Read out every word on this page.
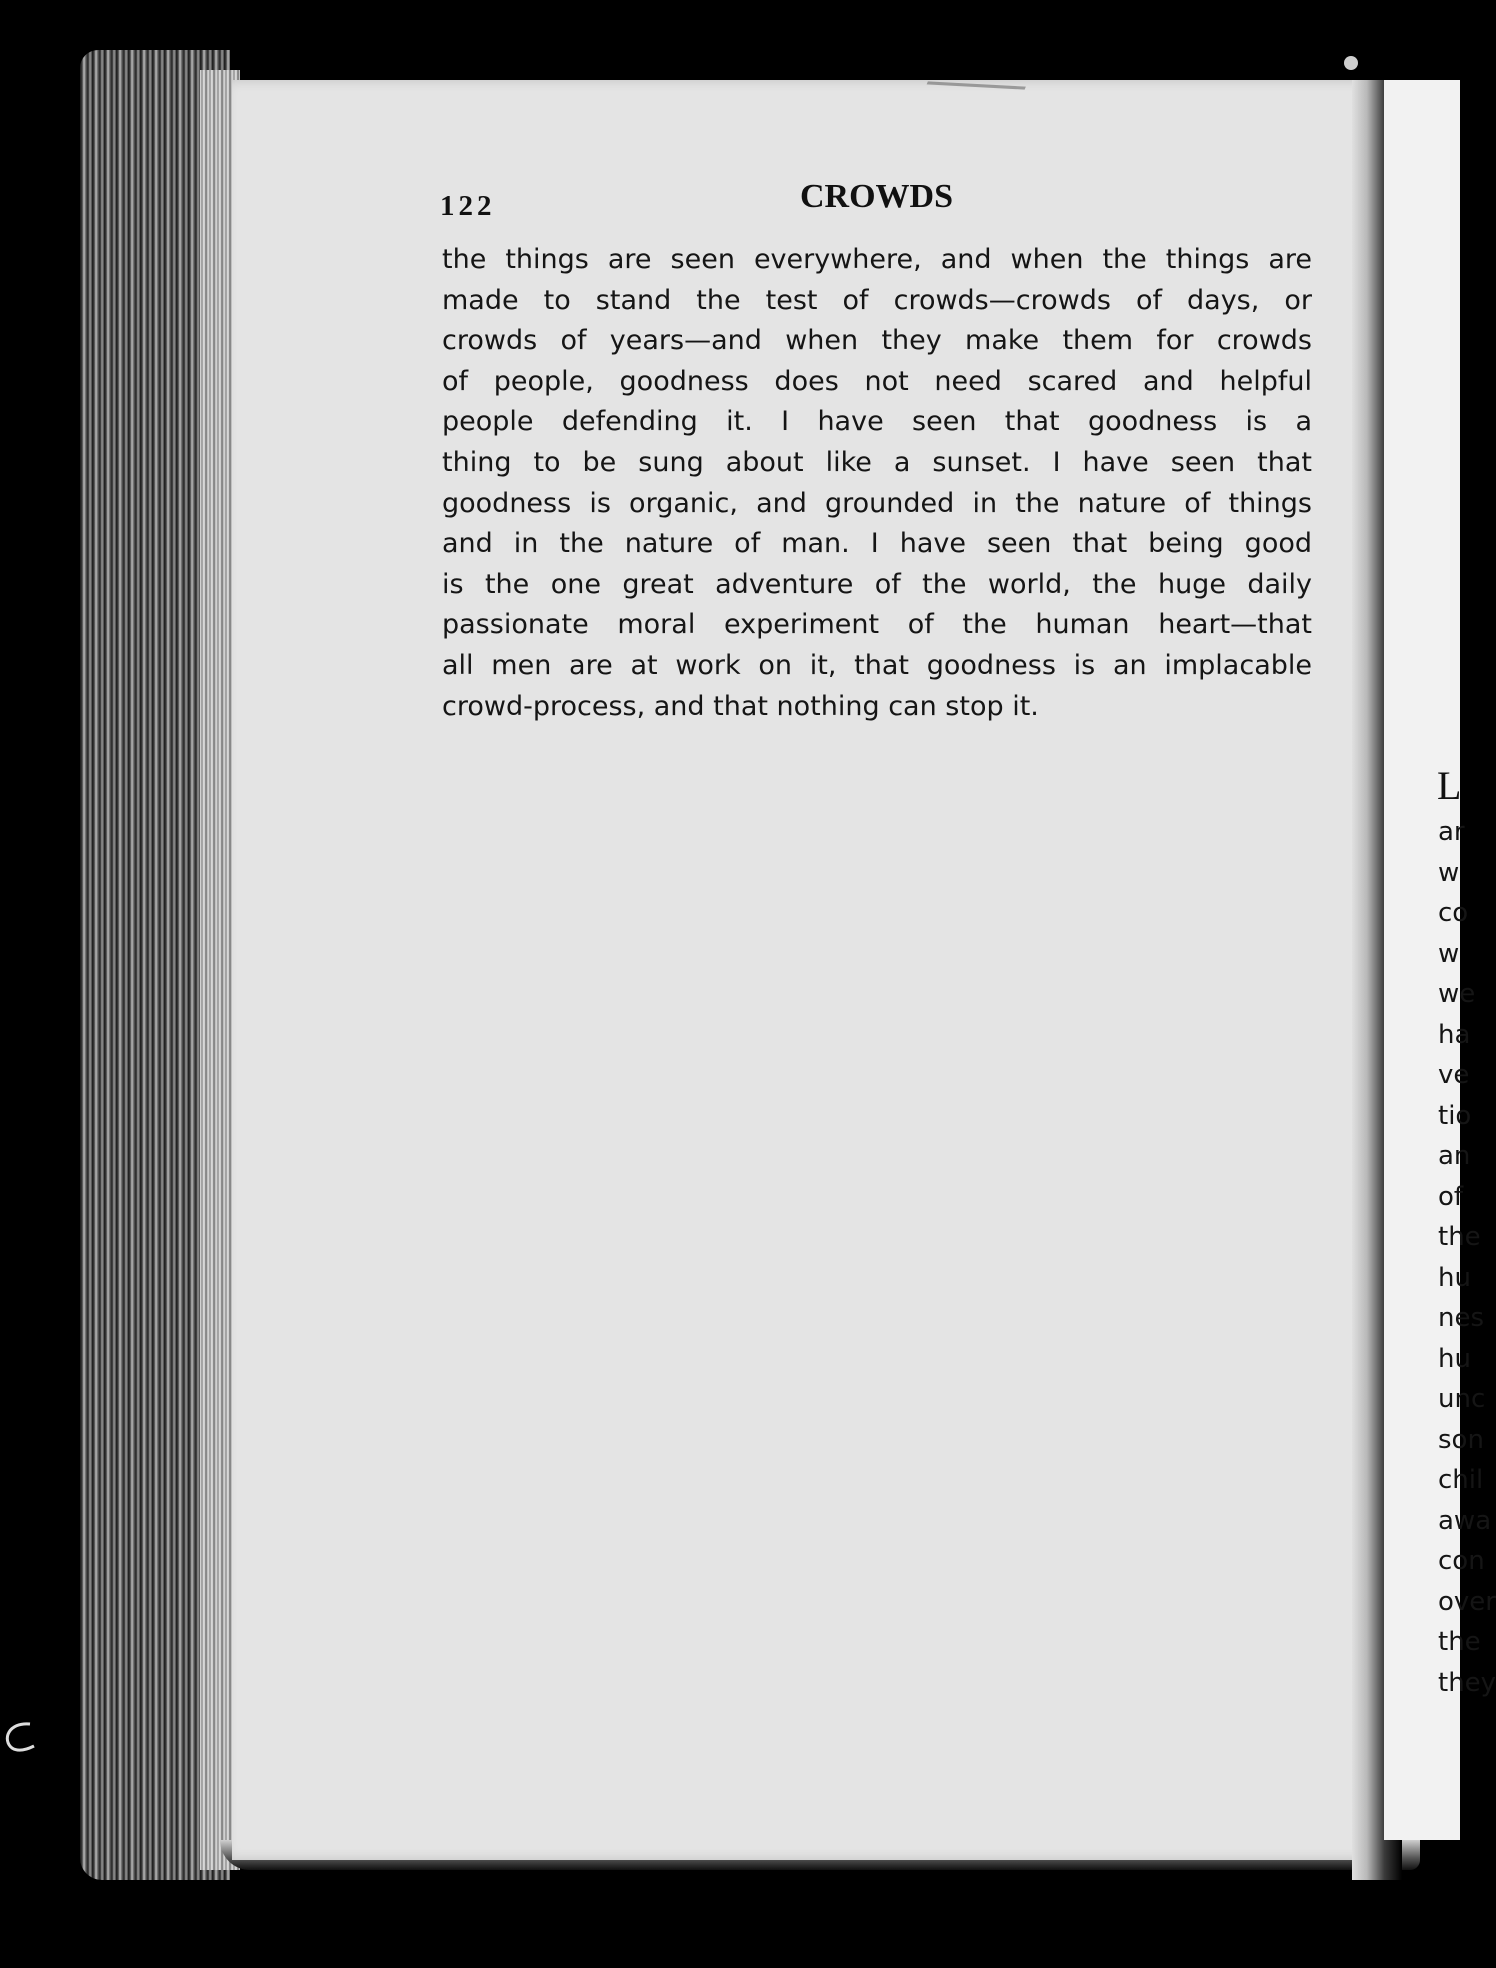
122	CROWDS
the things are seen everywhere, and when the things are
made to stand the test of crowds—crowds of days, or
crowds of years—and when they make them for crowds
of people, goodness does not need scared and helpful
people defending it. I have seen that goodness is a
thing to be sung about like a sunset. I have seen that
goodness is organic, and grounded in the nature of things
and in the nature of man. I have seen that being good
is the one great adventure of the world, the huge daily
passionate moral experiment of the human heart—that
all men are at work on it, that goodness is an implacable
crowd-process, and that nothing can stop it.
L
ar
w
co
w
we
ha
ve
tio
an
of
the
hu
nes
hu
unc
son
chil
awa
con
over
the
they
